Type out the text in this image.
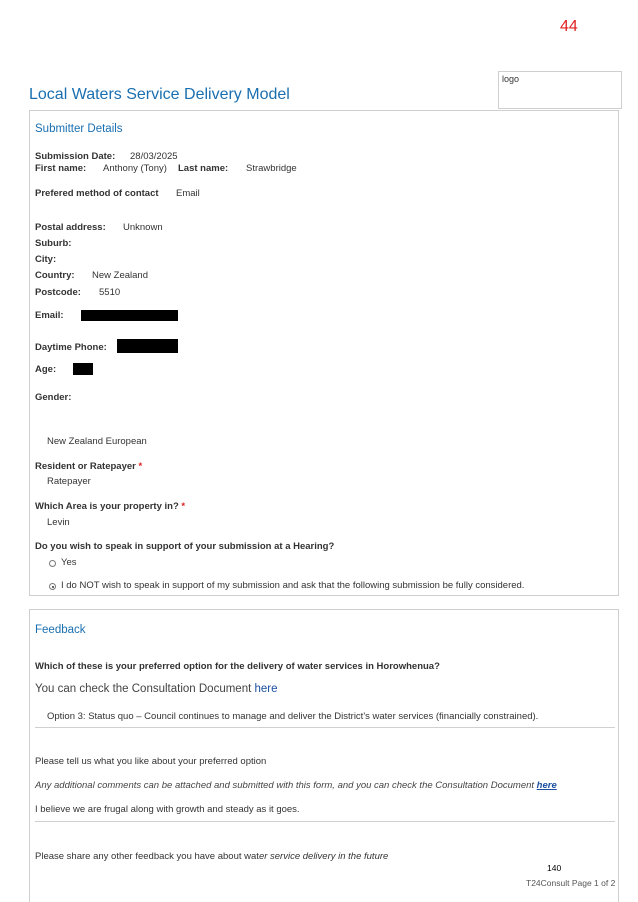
44
logo
Local Waters Service Delivery Model
Submitter Details
Submission Date: 28/03/2025
First name: Anthony (Tony) Last name: Strawbridge
Prefered method of contact Email
Postal address: Unknown
Suburb:
City:
Country: New Zealand
Postcode: 5510
Email:
Daytime Phone:
Age:
Gender:
New Zealand European
Resident or Ratepayer *
Ratepayer
Which Area is your property in? *
Levin
Do you wish to speak in support of your submission at a Hearing?
Yes
I do NOT wish to speak in support of my submission and ask that the following submission be fully considered.
Feedback
Which of these is your preferred option for the delivery of water services in Horowhenua?
You can check the Consultation Document here
Option 3: Status quo – Council continues to manage and deliver the District's water services (financially constrained).
Please tell us what you like about your preferred option
Any additional comments can be attached and submitted with this form, and you can check the Consultation Document here
I believe we are frugal along with growth and steady as it goes.
Please share any other feedback you have about water service delivery in the future
140
T24Consult Page 1 of 2
